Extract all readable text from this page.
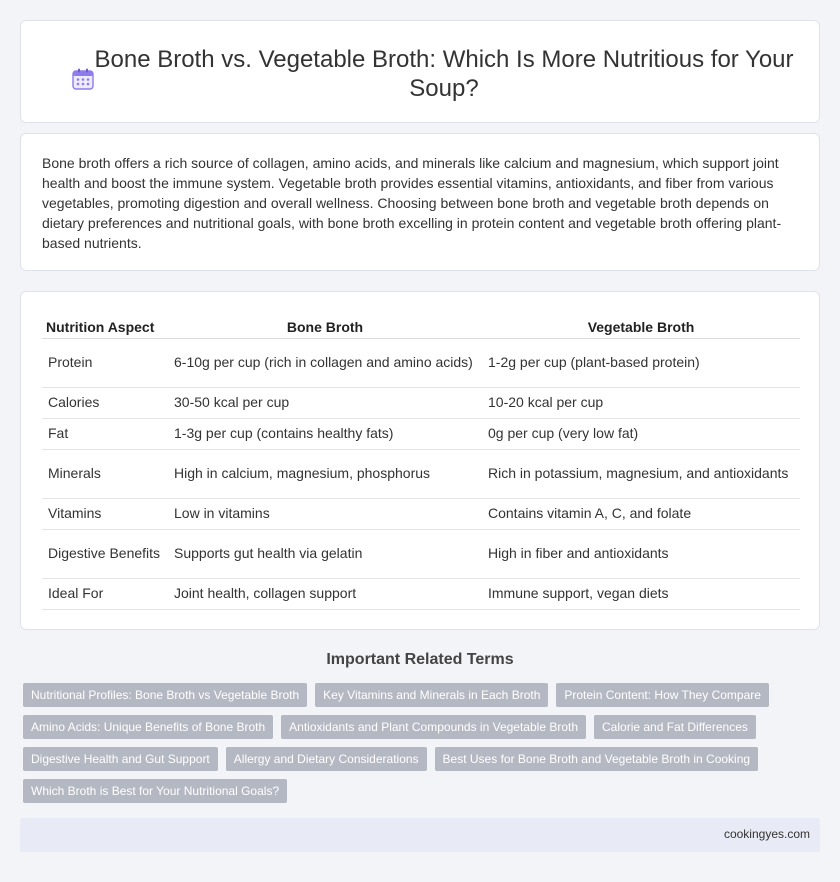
Bone Broth vs. Vegetable Broth: Which Is More Nutritious for Your Soup?

Bone broth offers a rich source of collagen, amino acids, and minerals like calcium and magnesium, which support joint health and boost the immune system. Vegetable broth provides essential vitamins, antioxidants, and fiber from various vegetables, promoting digestion and overall wellness. Choosing between bone broth and vegetable broth depends on dietary preferences and nutritional goals, with bone broth excelling in protein content and vegetable broth offering plant-based nutrients.

Nutrition Aspect	Bone Broth	Vegetable Broth
Protein	6-10g per cup (rich in collagen and amino acids)	1-2g per cup (plant-based protein)
Calories	30-50 kcal per cup	10-20 kcal per cup
Fat	1-3g per cup (contains healthy fats)	0g per cup (very low fat)
Minerals	High in calcium, magnesium, phosphorus	Rich in potassium, magnesium, and antioxidants
Vitamins	Low in vitamins	Contains vitamin A, C, and folate
Digestive Benefits	Supports gut health via gelatin	High in fiber and antioxidants
Ideal For	Joint health, collagen support	Immune support, vegan diets
Important Related Terms
Nutritional Profiles: Bone Broth vs Vegetable Broth	Key Vitamins and Minerals in Each Broth	Protein Content: How They Compare
Amino Acids: Unique Benefits of Bone Broth	Antioxidants and Plant Compounds in Vegetable Broth	Calorie and Fat Differences
Digestive Health and Gut Support	Allergy and Dietary Considerations	Best Uses for Bone Broth and Vegetable Broth in Cooking
Which Broth is Best for Your Nutritional Goals?
cookingyes.com
